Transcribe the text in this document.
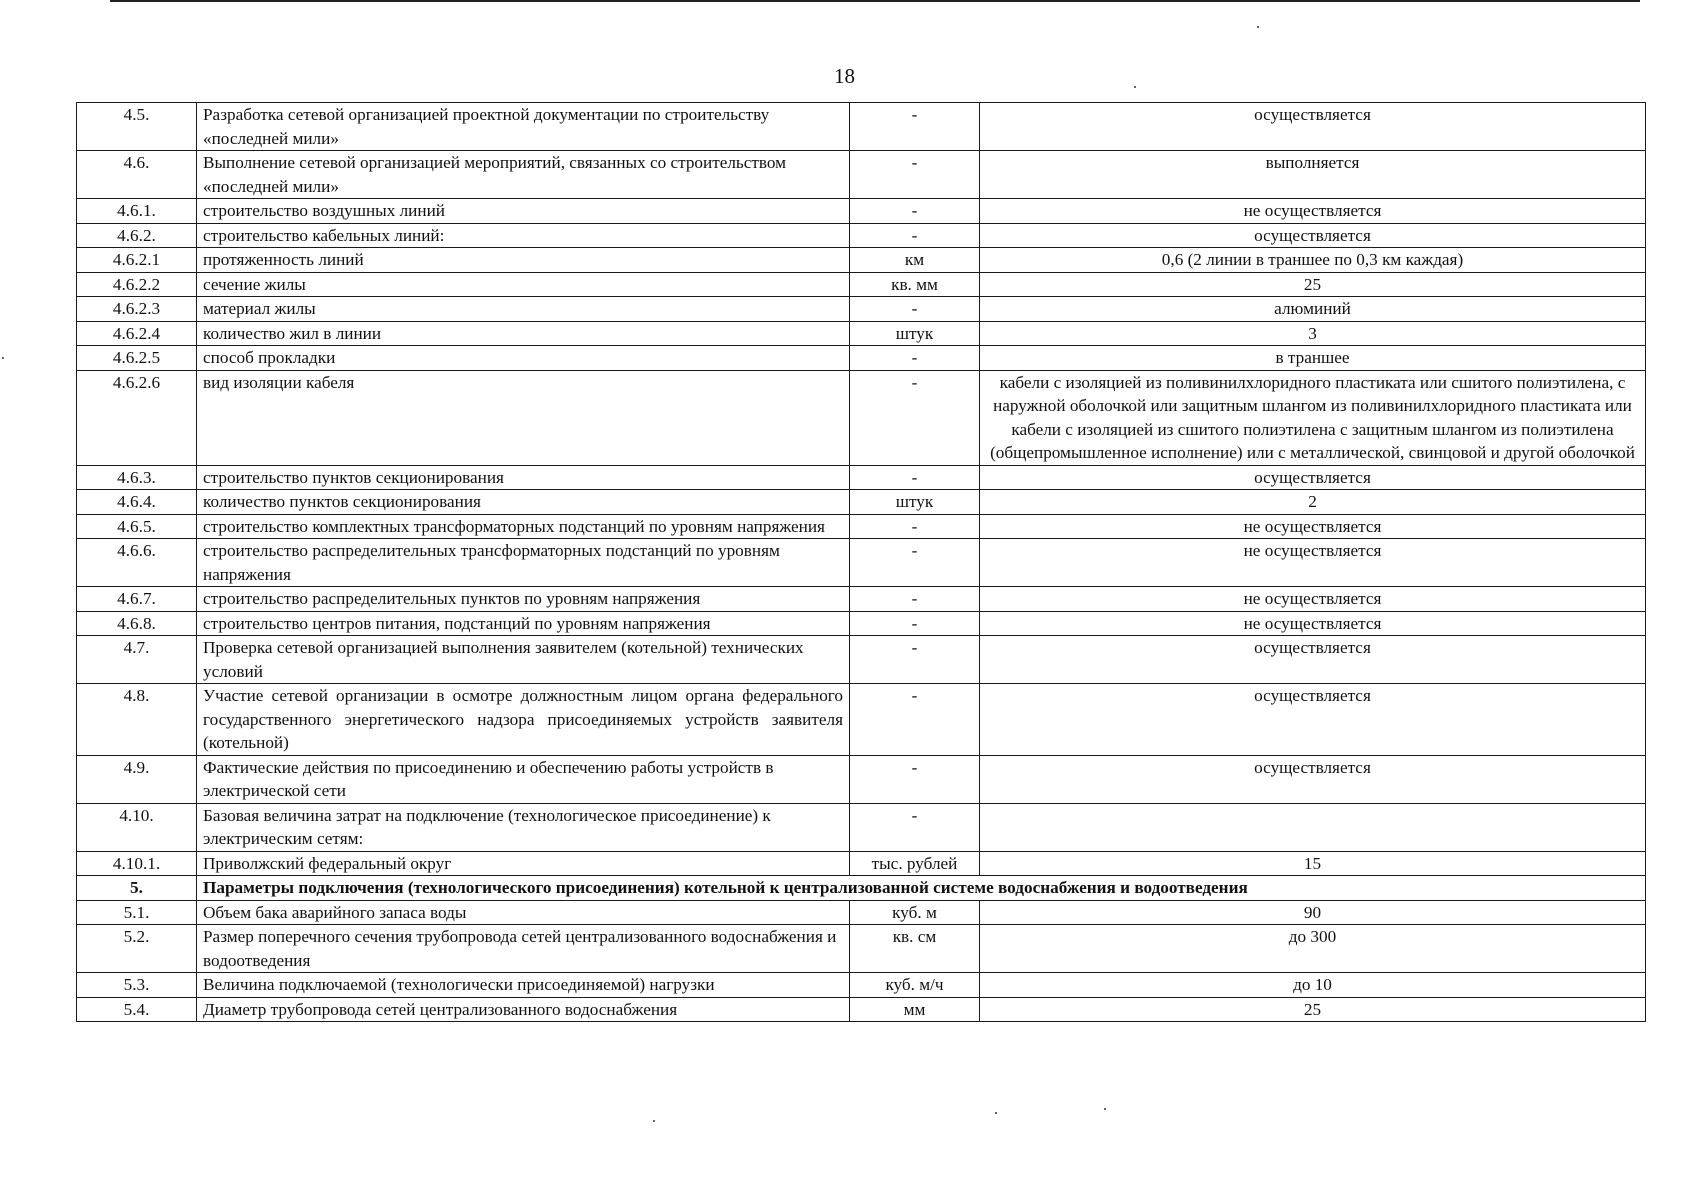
18
4.5.	Разработка сетевой организацией проектной документации по строительству «последней мили»	-	осуществляется
4.6.	Выполнение сетевой организацией мероприятий, связанных со строительством «последней мили»	-	выполняется
4.6.1.	строительство воздушных линий	-	не осуществляется
4.6.2.	строительство кабельных линий:	-	осуществляется
4.6.2.1	протяженность линий	км	0,6 (2 линии в траншее по 0,3 км каждая)
4.6.2.2	сечение жилы	кв. мм	25
4.6.2.3	материал жилы	-	алюминий
4.6.2.4	количество жил в линии	штук	3
4.6.2.5	способ прокладки	-	в траншее
4.6.2.6	вид изоляции кабеля	-	кабели с изоляцией из поливинилхлоридного пластиката или сшитого полиэтилена, с наружной оболочкой или защитным шлангом из поливинилхлоридного пластиката или кабели с изоляцией из сшитого полиэтилена с защитным шлангом из полиэтилена (общепромышленное исполнение) или с металлической, свинцовой и другой оболочкой
4.6.3.	строительство пунктов секционирования	-	осуществляется
4.6.4.	количество пунктов секционирования	штук	2
4.6.5.	строительство комплектных трансформаторных подстанций по уровням напряжения	-	не осуществляется
4.6.6.	строительство распределительных трансформаторных подстанций по уровням напряжения	-	не осуществляется
4.6.7.	строительство распределительных пунктов по уровням напряжения	-	не осуществляется
4.6.8.	строительство центров питания, подстанций по уровням напряжения	-	не осуществляется
4.7.	Проверка сетевой организацией выполнения заявителем (котельной) технических условий	-	осуществляется
4.8.	Участие сетевой организации в осмотре должностным лицом органа федерального государственного энергетического надзора присоединяемых устройств заявителя (котельной)	-	осуществляется
4.9.	Фактические действия по присоединению и обеспечению работы устройств в электрической сети	-	осуществляется
4.10.	Базовая величина затрат на подключение (технологическое присоединение) к электрическим сетям:	-	
4.10.1.	Приволжский федеральный округ	тыс. рублей	15
5.	Параметры подключения (технологического присоединения) котельной к централизованной системе водоснабжения и водоотведения		
5.1.	Объем бака аварийного запаса воды	куб. м	90
5.2.	Размер поперечного сечения трубопровода сетей централизованного водоснабжения и водоотведения	кв. см	до 300
5.3.	Величина подключаемой (технологически присоединяемой) нагрузки	куб. м/ч	до 10
5.4.	Диаметр трубопровода сетей централизованного водоснабжения	мм	25
